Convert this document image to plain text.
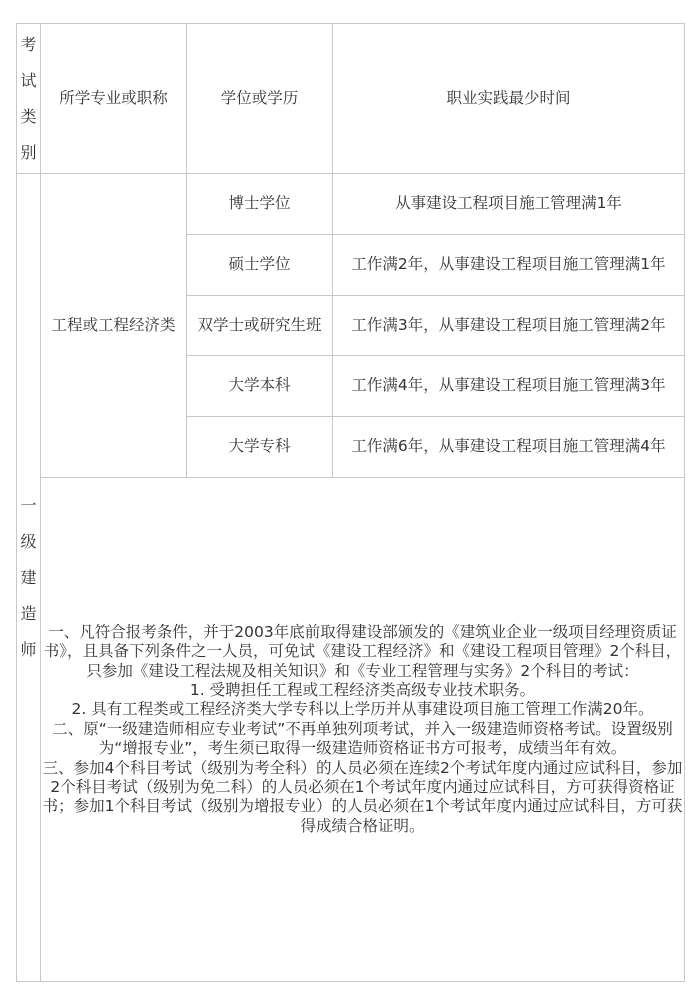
考
试
类
别	所学专业或职称	学位或学历	职业实践最少时间

一
级
建
造
师	工程或工程经济类	博士学位	从事建设工程项目施工管理满1年
		硕士学位	工作满2年，从事建设工程项目施工管理满1年
		双学士或研究生班	工作满3年，从事建设工程项目施工管理满2年
		大学本科	工作满4年，从事建设工程项目施工管理满3年
		大学专科	工作满6年，从事建设工程项目施工管理满4年

	一、凡符合报考条件，并于2003年底前取得建设部颁发的《建筑业企业一级项目经理资质证书》，且具备下列条件之一人员，可免试《建设工程经济》和《建设工程项目管理》2个科目，只参加《建设工程法规及相关知识》和《专业工程管理与实务》2个科目的考试：

1. 受聘担任工程或工程经济类高级专业技术职务。

2. 具有工程类或工程经济类大学专科以上学历并从事建设项目施工管理工作满20年。

二、原“一级建造师相应专业考试”不再单独列项考试，并入一级建造师资格考试。设置级别为“增报专业”，考生须已取得一级建造师资格证书方可报考，成绩当年有效。

三、参加4个科目考试（级别为考全科）的人员必须在连续2个考试年度内通过应试科目，参加2个科目考试（级别为免二科）的人员必须在1个考试年度内通过应试科目，方可获得资格证书；参加1个科目考试（级别为增报专业）的人员必须在1个考试年度内通过应试科目，方可获得成绩合格证明。		
